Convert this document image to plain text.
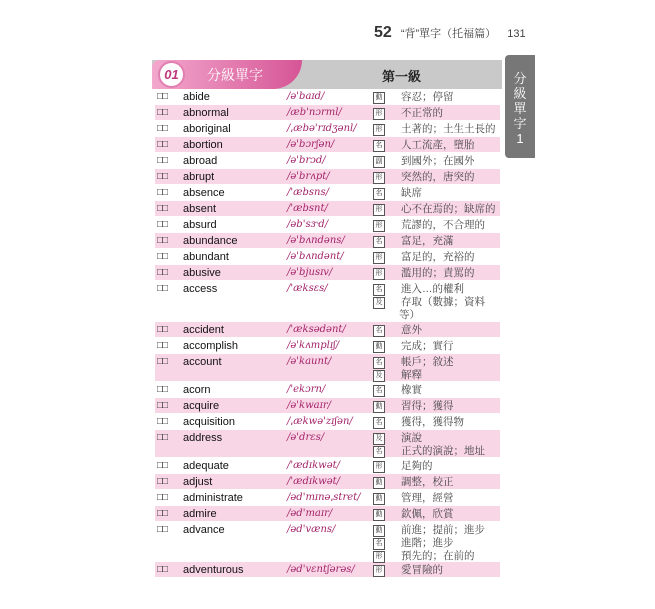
52 “背”單字（托福篇） 131
分
級
單
字
1
01	分級單字	第一級
□□	abide	/ə'baɪd/	動 容忍；停留
□□	abnormal	/æb'nɔrml/	形 不正常的
□□	aboriginal	/ˌæbə'rɪdʒənl/	形 土著的；土生土長的
□□	abortion	/ə'bɔrʃən/	名 人工流產，墮胎
□□	abroad	/ə'brɔd/	副 到國外；在國外
□□	abrupt	/ə'brʌpt/	形 突然的，唐突的
□□	absence	/'æbsns/	名 缺席
□□	absent	/'æbsnt/	形 心不在焉的；缺席的
□□	absurd	/əb'sɝd/	形 荒謬的，不合理的
□□	abundance	/ə'bʌndəns/	名 富足，充滿
□□	abundant	/ə'bʌndənt/	形 富足的，充裕的
□□	abusive	/ə'bjusɪv/	形 濫用的；責罵的
□□	access	/'æksɛs/	名 進入…的權利
及 存取（數據；資料
等）
□□	accident	/'æksədənt/	名 意外
□□	accomplish	/ə'kʌmplɪʃ/	動 完成；實行
□□	account	/ə'kaunt/	名 帳戶；敘述
及 解釋
□□	acorn	/'ekɔrn/	名 橡實
□□	acquire	/ə'kwaɪr/	動 習得；獲得
□□	acquisition	/ˌækwə'zɪʃən/	名 獲得，獲得物
□□	address	/ə'drɛs/	及 演說
名 正式的演說；地址
□□	adequate	/'ædɪkwət/	形 足夠的
□□	adjust	/'ædɪkwət/	動 調整，校正
□□	administrate	/əd'mɪnəˌstret/	動 管理，經營
□□	admire	/əd'maɪr/	動 欽佩，欣賞
□□	advance	/əd'væns/	動 前進；提前；進步
名 進階；進步
形 預先的；在前的
□□	adventurous	/əd'vɛntʃərəs/	形 愛冒險的
